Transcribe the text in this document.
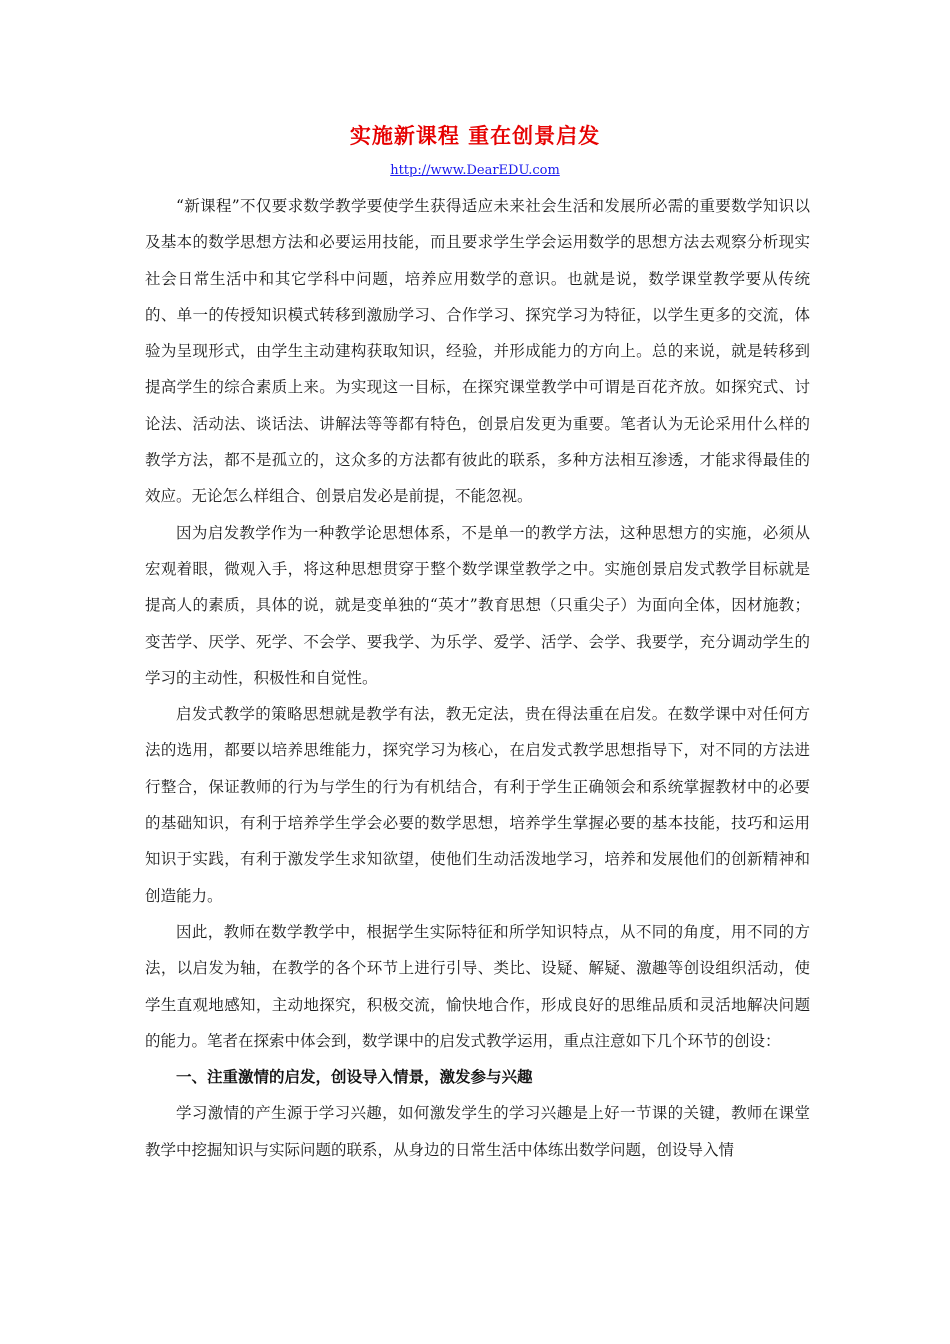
实施新课程 重在创景启发
http://www.DearEDU.com

“新课程”不仅要求数学教学要使学生获得适应未来社会生活和发展所必需的重要数学知识以及基本的数学思想方法和必要运用技能，而且要求学生学会运用数学的思想方法去观察分析现实社会日常生活中和其它学科中问题，培养应用数学的意识。也就是说，数学课堂教学要从传统的、单一的传授知识模式转移到激励学习、合作学习、探究学习为特征，以学生更多的交流，体验为呈现形式，由学生主动建构获取知识，经验，并形成能力的方向上。总的来说，就是转移到提高学生的综合素质上来。为实现这一目标，在探究课堂教学中可谓是百花齐放。如探究式、讨论法、活动法、谈话法、讲解法等等都有特色，创景启发更为重要。笔者认为无论采用什么样的教学方法，都不是孤立的，这众多的方法都有彼此的联系，多种方法相互渗透，才能求得最佳的效应。无论怎么样组合、创景启发必是前提，不能忽视。

因为启发教学作为一种教学论思想体系，不是单一的教学方法，这种思想方的实施，必须从宏观着眼，微观入手，将这种思想贯穿于整个数学课堂教学之中。实施创景启发式教学目标就是提高人的素质，具体的说，就是变单独的“英才”教育思想（只重尖子）为面向全体，因材施教；变苦学、厌学、死学、不会学、要我学、为乐学、爱学、活学、会学、我要学，充分调动学生的学习的主动性，积极性和自觉性。

启发式教学的策略思想就是教学有法，教无定法，贵在得法重在启发。在数学课中对任何方法的选用，都要以培养思维能力，探究学习为核心，在启发式教学思想指导下，对不同的方法进行整合，保证教师的行为与学生的行为有机结合，有利于学生正确领会和系统掌握教材中的必要的基础知识，有利于培养学生学会必要的数学思想，培养学生掌握必要的基本技能，技巧和运用知识于实践，有利于激发学生求知欲望，使他们生动活泼地学习，培养和发展他们的创新精神和创造能力。

因此，教师在数学教学中，根据学生实际特征和所学知识特点，从不同的角度，用不同的方法，以启发为轴，在教学的各个环节上进行引导、类比、设疑、解疑、激趣等创设组织活动，使学生直观地感知，主动地探究，积极交流，愉快地合作，形成良好的思维品质和灵活地解决问题的能力。笔者在探索中体会到，数学课中的启发式教学运用，重点注意如下几个环节的创设：

一、注重激情的启发，创设导入情景，激发参与兴趣

学习激情的产生源于学习兴趣，如何激发学生的学习兴趣是上好一节课的关键，教师在课堂教学中挖掘知识与实际问题的联系，从身边的日常生活中体练出数学问题，创设导入情
